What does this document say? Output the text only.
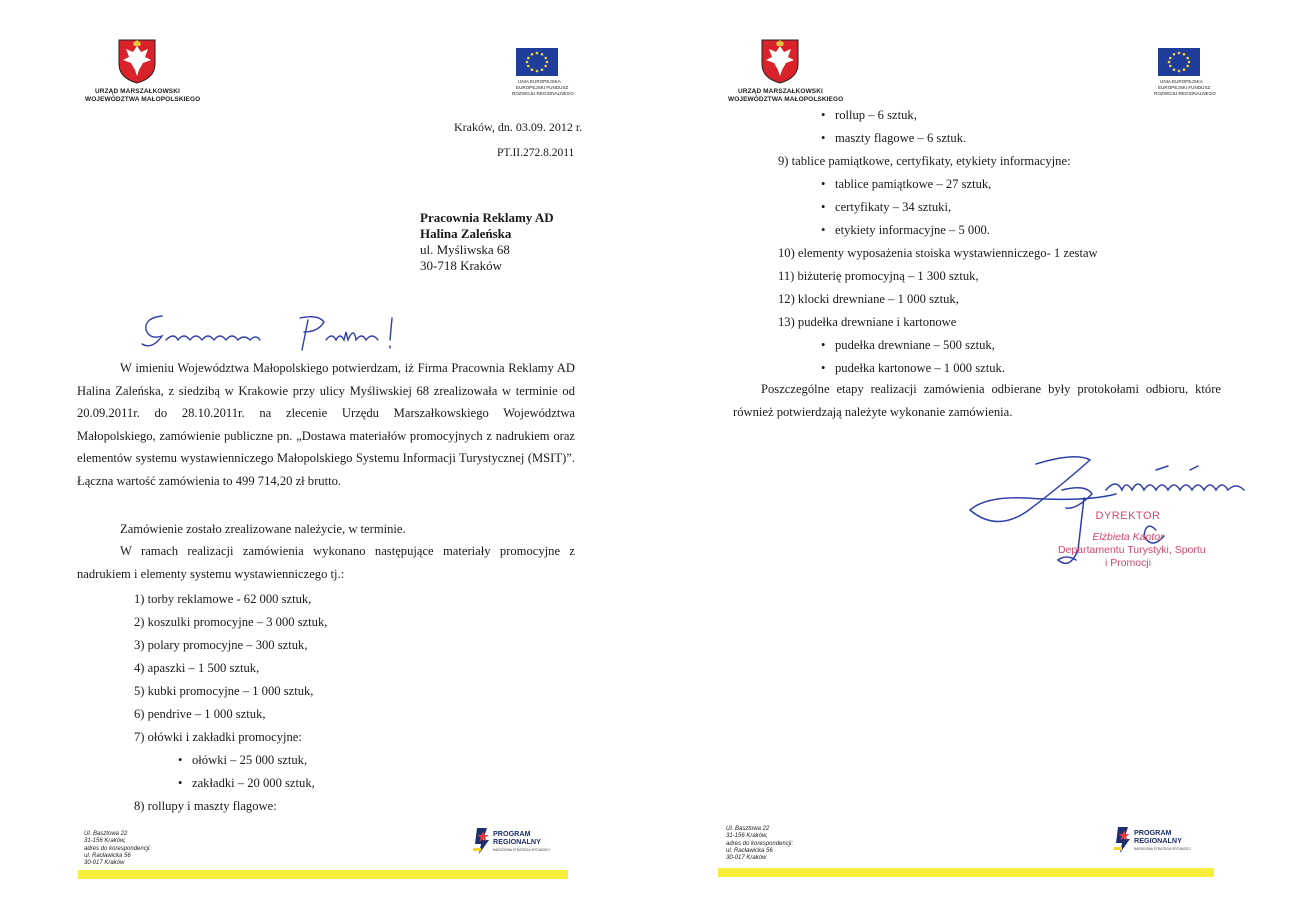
URZĄD MARSZAŁKOWSKI
WOJEWÓDZTWA MAŁOPOLSKIEGO
UNIA EUROPEJSKA
EUROPEJSKI FUNDUSZ
ROZWOJU REGIONALNEGO
Kraków, dn. 03.09. 2012 r.
PT.II.272.8.2011
Pracownia Reklamy AD
Halina Zaleńska
ul. Myśliwska 68
30-718 Kraków
W imieniu Województwa Małopolskiego potwierdzam, iż Firma Pracownia Reklamy AD Halina Zaleńska, z siedzibą w Krakowie przy ulicy Myśliwskiej 68 zrealizowała w terminie od 20.09.2011r. do 28.10.2011r. na zlecenie Urzędu Marszałkowskiego Województwa Małopolskiego, zamówienie publiczne pn. „Dostawa materiałów promocyjnych z nadrukiem oraz elementów systemu wystawienniczego Małopolskiego Systemu Informacji Turystycznej (MSIT)”. Łączna wartość zamówienia to 499 714,20 zł brutto.
Zamówienie zostało zrealizowane należycie, w terminie.
W ramach realizacji zamówienia wykonano następujące materiały promocyjne z nadrukiem i elementy systemu wystawienniczego tj.:
1) torby reklamowe - 62 000 sztuk,
2) koszulki promocyjne – 3 000 sztuk,
3) polary promocyjne – 300 sztuk,
4) apaszki – 1 500 sztuk,
5) kubki promocyjne – 1 000 sztuk,
6) pendrive – 1 000 sztuk,
7) ołówki i zakładki promocyjne:
• ołówki – 25 000 sztuk,
• zakładki – 20 000 sztuk,
8) rollupy i maszty flagowe:
Ul. Basztowa 22
31-156 Kraków,
adres do korespondencji:
ul. Racławicka 56
30-017 Kraków
PROGRAM
REGIONALNY
NARODOWA STRATEGIA SPÓJNOŚCI
URZĄD MARSZAŁKOWSKI
WOJEWÓDZTWA MAŁOPOLSKIEGO
UNIA EUROPEJSKA
EUROPEJSKI FUNDUSZ
ROZWOJU REGIONALNEGO
• rollup – 6 sztuk,
• maszty flagowe – 6 sztuk.
9) tablice pamiątkowe, certyfikaty, etykiety informacyjne:
• tablice pamiątkowe – 27 sztuk,
• certyfikaty – 34 sztuki,
• etykiety informacyjne – 5 000.
10) elementy wyposażenia stoiska wystawienniczego- 1 zestaw
11) biżuterię promocyjną – 1 300 sztuk,
12) klocki drewniane – 1 000 sztuk,
13) pudełka drewniane i kartonowe
• pudełka drewniane – 500 sztuk,
• pudełka kartonowe – 1 000 sztuk.
Poszczególne etapy realizacji zamówienia odbierane były protokołami odbioru, które również potwierdzają należyte wykonanie zamówienia.
DYREKTOR
Elżbieta Kantor
Departamentu Turystyki, Sportu
i Promocji
Ul. Basztowa 22
31-156 Kraków,
adres do korespondencji:
ul. Racławicka 56
30-017 Kraków
PROGRAM
REGIONALNY
NARODOWA STRATEGIA SPÓJNOŚCI
